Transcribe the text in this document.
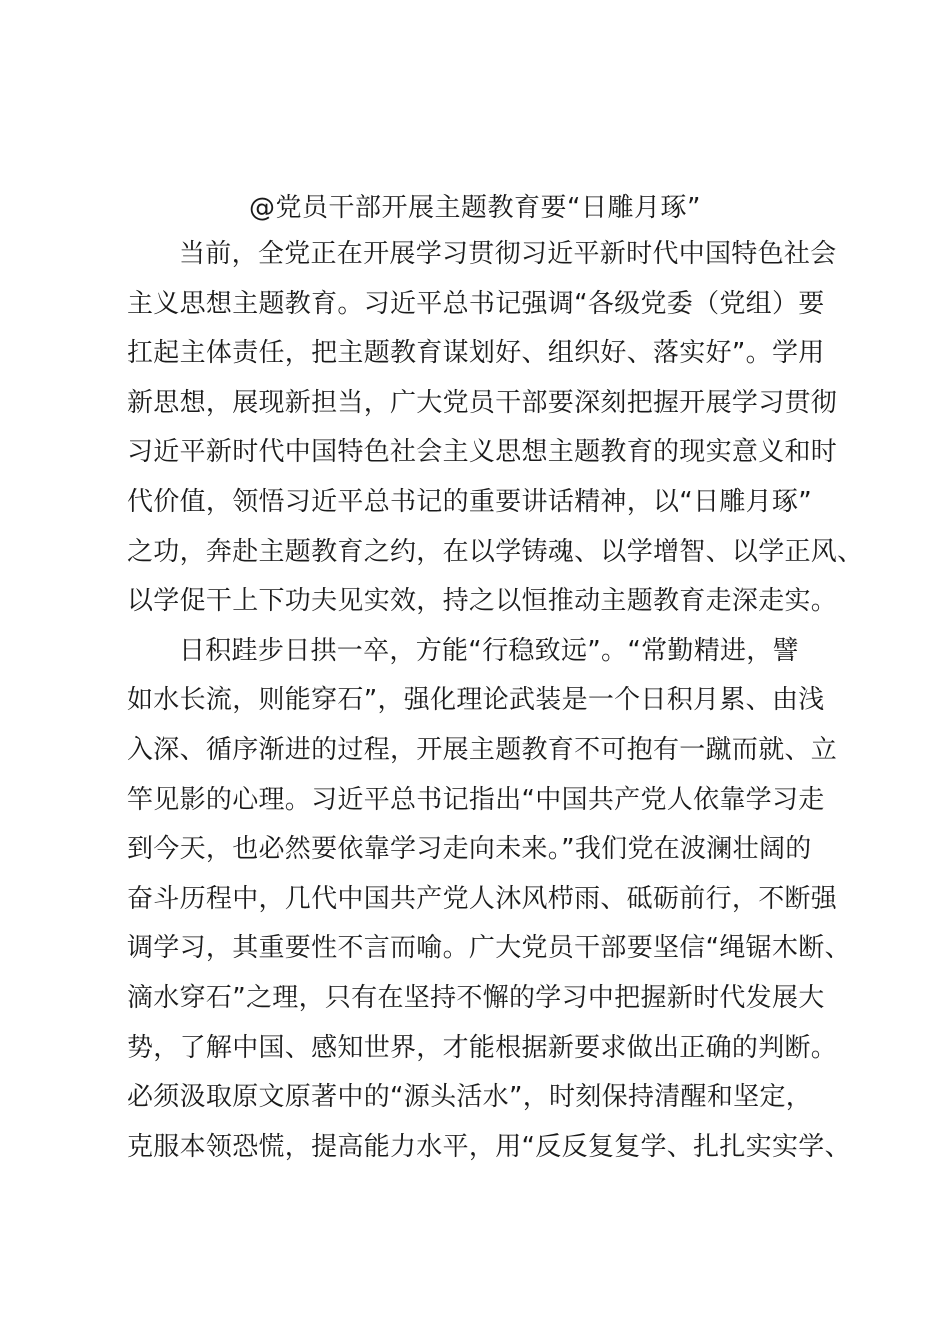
@党员干部开展主题教育要“日雕月琢”
当前，全党正在开展学习贯彻习近平新时代中国特色社会
主义思想主题教育。习近平总书记强调“各级党委（党组）要
扛起主体责任，把主题教育谋划好、组织好、落实好”。学用
新思想，展现新担当，广大党员干部要深刻把握开展学习贯彻
习近平新时代中国特色社会主义思想主题教育的现实意义和时
代价值，领悟习近平总书记的重要讲话精神，以“日雕月琢”
之功，奔赴主题教育之约，在以学铸魂、以学增智、以学正风、
以学促干上下功夫见实效，持之以恒推动主题教育走深走实。
日积跬步日拱一卒，方能“行稳致远”。“常勤精进，譬
如水长流，则能穿石”，强化理论武装是一个日积月累、由浅
入深、循序渐进的过程，开展主题教育不可抱有一蹴而就、立
竿见影的心理。习近平总书记指出“中国共产党人依靠学习走
到今天，也必然要依靠学习走向未来。”我们党在波澜壮阔的
奋斗历程中，几代中国共产党人沐风栉雨、砥砺前行，不断强
调学习，其重要性不言而喻。广大党员干部要坚信“绳锯木断、
滴水穿石”之理，只有在坚持不懈的学习中把握新时代发展大
势，了解中国、感知世界，才能根据新要求做出正确的判断。
必须汲取原文原著中的“源头活水”，时刻保持清醒和坚定，
克服本领恐慌，提高能力水平，用“反反复复学、扎扎实实学、
